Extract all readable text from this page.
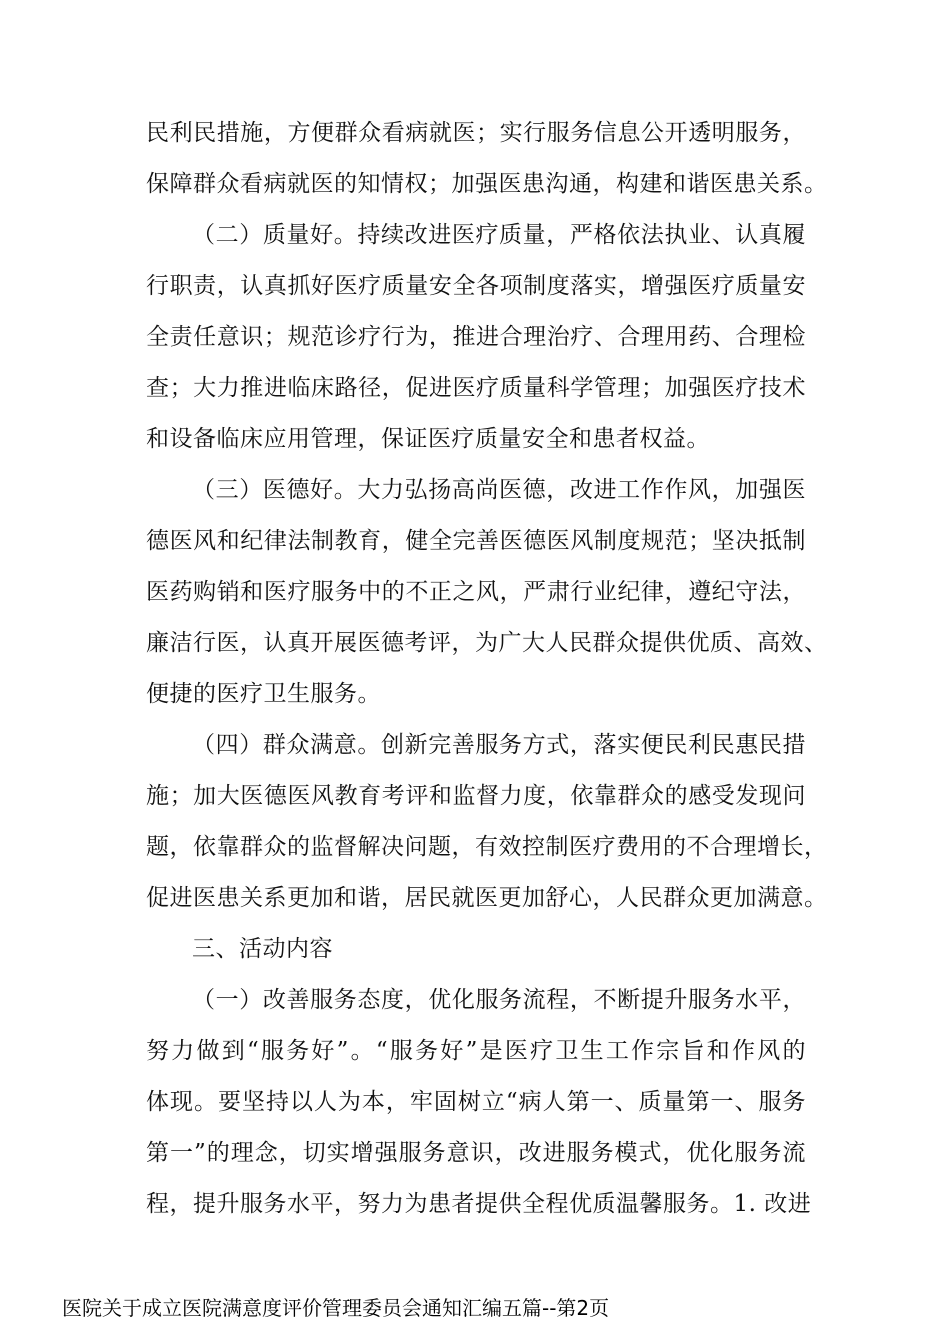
民利民措施，方便群众看病就医；实行服务信息公开透明服务，
保障群众看病就医的知情权；加强医患沟通，构建和谐医患关系。
（二）质量好。持续改进医疗质量，严格依法执业、认真履
行职责，认真抓好医疗质量安全各项制度落实，增强医疗质量安
全责任意识；规范诊疗行为，推进合理治疗、合理用药、合理检
查；大力推进临床路径，促进医疗质量科学管理；加强医疗技术
和设备临床应用管理，保证医疗质量安全和患者权益。
（三）医德好。大力弘扬高尚医德，改进工作作风，加强医
德医风和纪律法制教育，健全完善医德医风制度规范；坚决抵制
医药购销和医疗服务中的不正之风，严肃行业纪律，遵纪守法，
廉洁行医，认真开展医德考评，为广大人民群众提供优质、高效、
便捷的医疗卫生服务。
（四）群众满意。创新完善服务方式，落实便民利民惠民措
施；加大医德医风教育考评和监督力度，依靠群众的感受发现问
题，依靠群众的监督解决问题，有效控制医疗费用的不合理增长，
促进医患关系更加和谐，居民就医更加舒心，人民群众更加满意。
三、活动内容
（一）改善服务态度，优化服务流程，不断提升服务水平，
努力做到“服务好”。“服务好”是医疗卫生工作宗旨和作风的
体现。要坚持以人为本，牢固树立“病人第一、质量第一、服务
第一”的理念，切实增强服务意识，改进服务模式，优化服务流
程，提升服务水平，努力为患者提供全程优质温馨服务。1. 改进
医院关于成立医院满意度评价管理委员会通知汇编五篇--第2页
